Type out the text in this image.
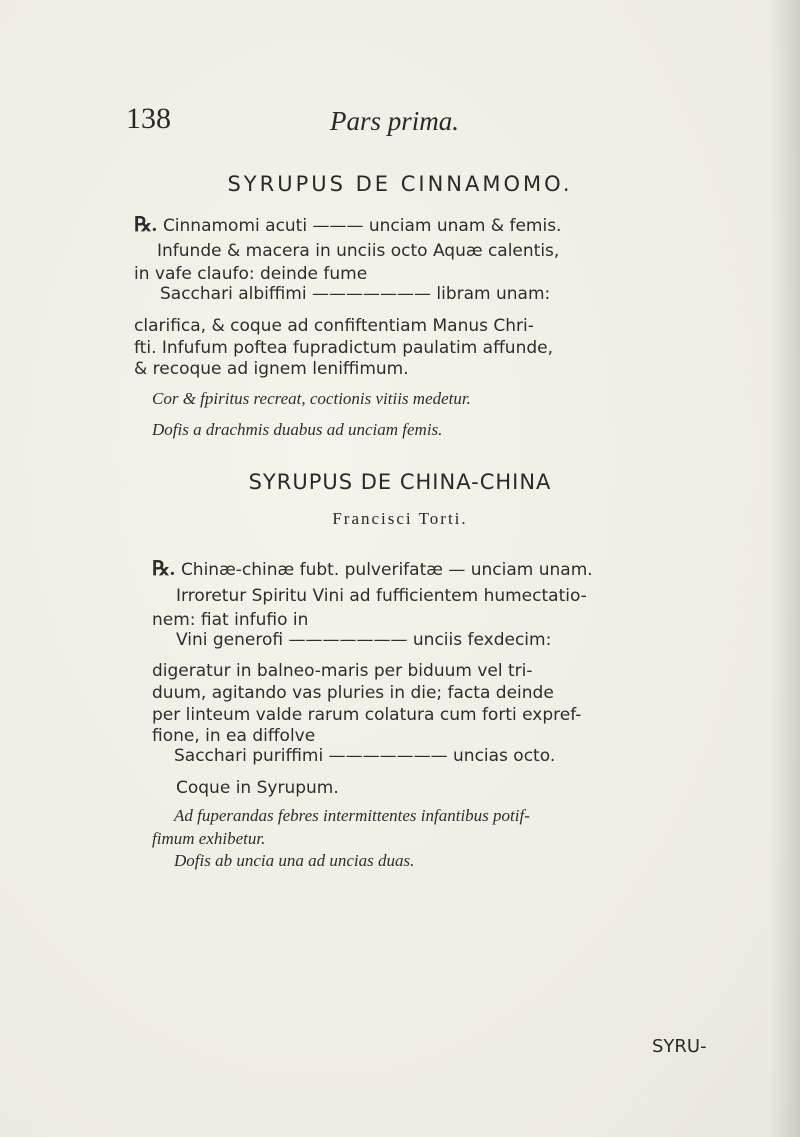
138	Pars prima.
SYRUPUS DE CINNAMOMO.
℞. Cinnamomi acuti ——— unciam unam & femis.
Infunde & macera in unciis octo Aquæ calentis,
in vafe claufo: deinde fume
Sacchari albiffimi ——————— libram unam:
clarifica, & coque ad confiftentiam Manus Chri-
fti. Infufum poftea fupradictum paulatim affunde,
& recoque ad ignem leniffimum.
Cor & fpiritus recreat, coctionis vitiis medetur.
Dofis a drachmis duabus ad unciam femis.
SYRUPUS DE CHINA-CHINA
Francisci Torti.
℞. Chinæ-chinæ fubt. pulverifatæ — unciam unam.
Irroretur Spiritu Vini ad fufficientem humectatio-
nem: fiat infufio in
Vini generofi ——————— unciis fexdecim:
digeratur in balneo-maris per biduum vel tri-
duum, agitando vas pluries in die; facta deinde
per linteum valde rarum colatura cum forti expref-
fione, in ea diffolve
Sacchari puriffimi ——————— uncias octo.
Coque in Syrupum.
Ad fuperandas febres intermittentes infantibus potif-
fimum exhibetur.
Dofis ab uncia una ad uncias duas.
SYRU-
